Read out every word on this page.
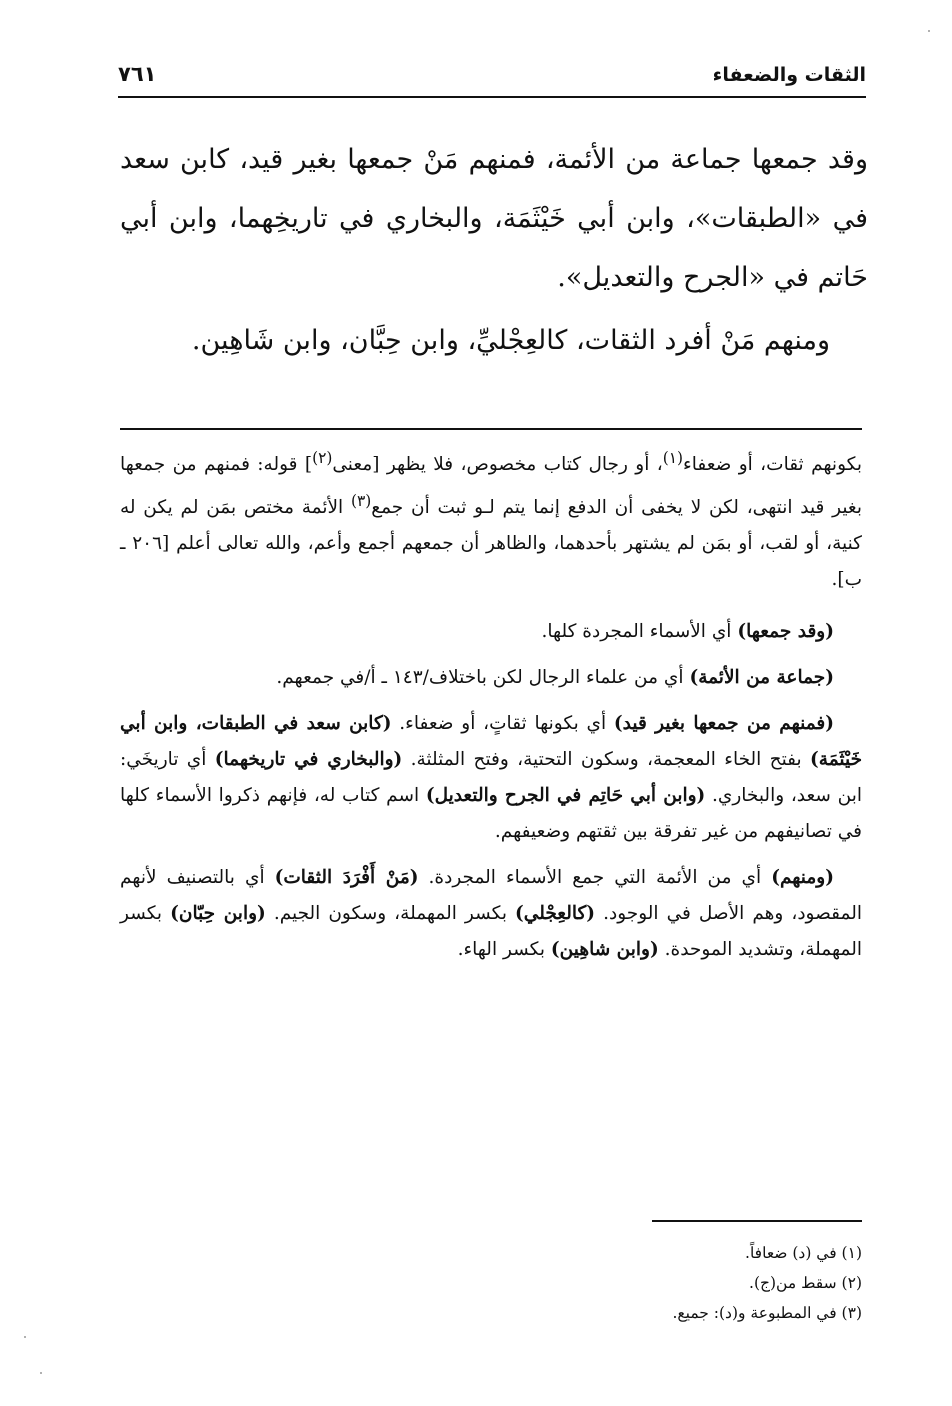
الثقات والضعفاء
٧٦١

وقد جمعها جماعة من الأئمة، فمنهم مَنْ جمعها بغير قيد، كابن سعد في «الطبقات»، وابن أبي خَيْثَمَة، والبخاري في تاريخِهما، وابن أبي حَاتم في «الجرح والتعديل».

ومنهم مَنْ أفرد الثقات، كالعِجْليِّ، وابن حِبَّان، وابن شَاهِين.

بكونهم ثقات، أو ضعفاء$^{(١)}$، أو رجال كتاب مخصوص، فلا يظهر [معنى$^{(٢)}$] قوله: فمنهم من جمعها بغير قيد انتهى، لكن لا يخفى أن الدفع إنما يتم لـو ثبت أن جمع$^{(٣)}$ الأئمة مختص بمَن لم يكن له كنية، أو لقب، أو بمَن لم يشتهر بأحدهما، والظاهر أن جمعهم أجمع وأعم، والله تعالى أعلم [٢٠٦ ـ ب].

(وقد جمعها) أي الأسماء المجردة كلها.

(جماعة من الأئمة) أي من علماء الرجال لكن باختلاف/١٤٣ ـ أ/في جمعهم.

(فمنهم من جمعها بغير قيد) أي بكونها ثقاتٍ، أو ضعفاء. (كابن سعد في الطبقات، وابن أبي خَيْثَمَة) بفتح الخاء المعجمة، وسكون التحتية، وفتح المثلثة. (والبخاري في تاريخهما) أي تاريخَي: ابن سعد، والبخاري. (وابن أبي حَاتِم في الجرح والتعديل) اسم كتاب له، فإنهم ذكروا الأسماء كلها في تصانيفهم من غير تفرقة بين ثقتهم وضعيفهم.

(ومنهم) أي من الأئمة التي جمع الأسماء المجردة. (مَنْ أَفْرَدَ الثقات) أي بالتصنيف لأنهم المقصود، وهم الأصل في الوجود. (كالعِجْلي) بكسر المهملة، وسكون الجيم. (وابن حِبّان) بكسر المهملة، وتشديد الموحدة. (وابن شاهِين) بكسر الهاء.

(١) في (د) ضعافاً.
(٢) سقط من(ج).
(٣) في المطبوعة و(د): جميع.
